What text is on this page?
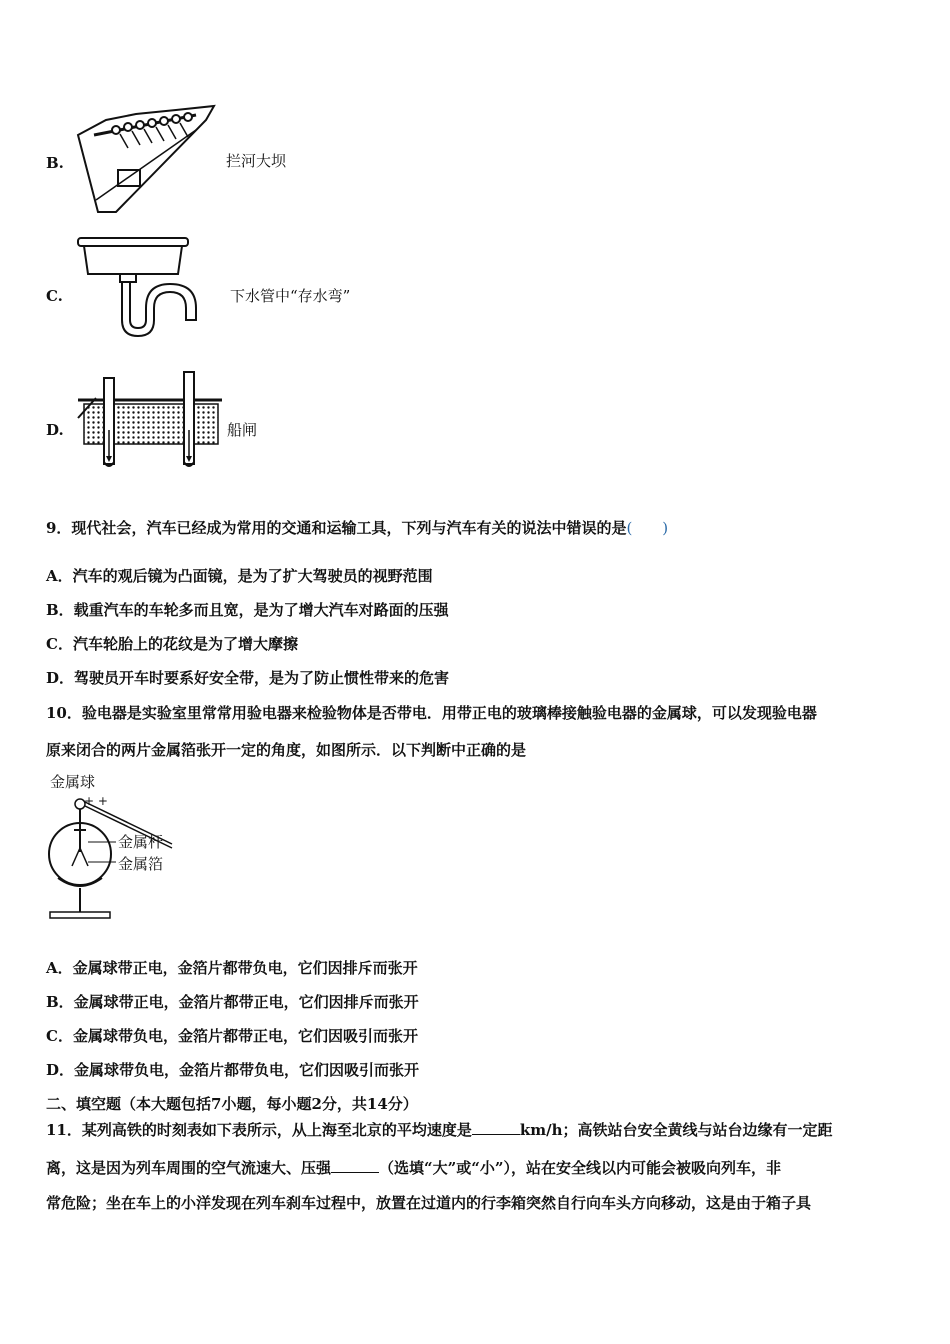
B.	拦河大坝
C.	下水管中“存水弯”
D.	船闸
9．现代社会，汽车已经成为常用的交通和运输工具，下列与汽车有关的说法中错误的是(　　)
A．汽车的观后镜为凸面镜，是为了扩大驾驶员的视野范围
B．载重汽车的车轮多而且宽，是为了增大汽车对路面的压强
C．汽车轮胎上的花纹是为了增大摩擦
D．驾驶员开车时要系好安全带，是为了防止惯性带来的危害
10．验电器是实验室里常常用验电器来检验物体是否带电．用带正电的玻璃棒接触验电器的金属球，可以发现验电器
原来闭合的两片金属箔张开一定的角度，如图所示．以下判断中正确的是
金属球
+ +
金属杆
金属箔
A．金属球带正电，金箔片都带负电，它们因排斥而张开
B．金属球带正电，金箔片都带正电，它们因排斥而张开
C．金属球带负电，金箔片都带正电，它们因吸引而张开
D．金属球带负电，金箔片都带负电，它们因吸引而张开
二、填空题（本大题包括7小题，每小题2分，共14分）
11．某列高铁的时刻表如下表所示，从上海至北京的平均速度是	km/h；高铁站台安全黄线与站台边缘有一定距
离，这是因为列车周围的空气流速大、压强	（选填“大”或“小”），站在安全线以内可能会被吸向列车，非
常危险；坐在车上的小洋发现在列车刹车过程中，放置在过道内的行李箱突然自行向车头方向移动，这是由于箱子具
